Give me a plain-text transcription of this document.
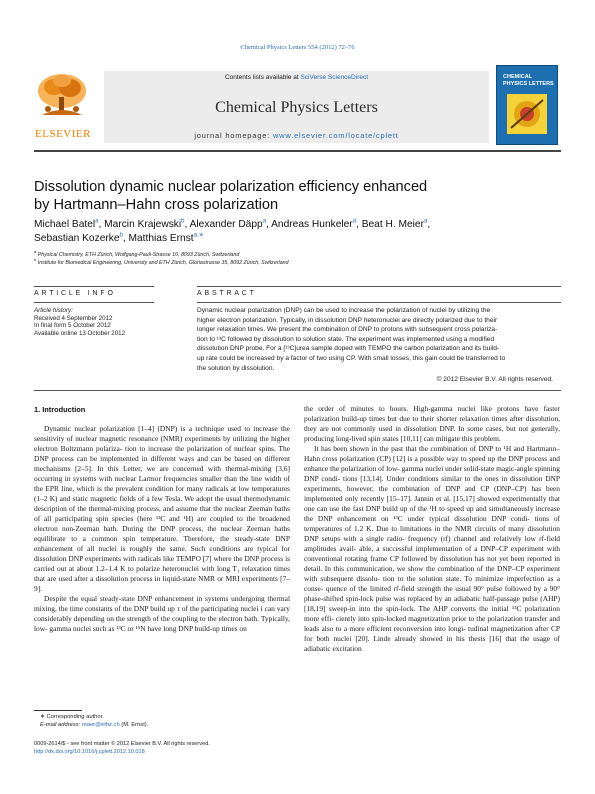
Chemical Physics Letters 554 (2012) 72–76
ELSEVIER
Contents lists available at SciVerse ScienceDirect
Chemical Physics Letters
journal homepage: www.elsevier.com/locate/cplett
CHEMICAL PHYSICS LETTERS
Dissolution dynamic nuclear polarization efficiency enhanced
by Hartmann–Hahn cross polarization
Michael Batel$^a$, Marcin Krajewski$^b$, Alexander Däpp$^a$, Andreas Hunkeler$^a$, Beat H. Meier$^a$,
Sebastian Kozerke$^b$, Matthias Ernst$^{a,∗}$
$^a$ Physical Chemistry, ETH Zürich, Wolfgang-Pauli-Strasse 10, 8093 Zürich, Switzerland
$^b$ Institute for Biomedical Engineering, University and ETH Zürich, Gloriastrasse 35, 8092 Zürich, Switzerland
ARTICLE INFO
Article history:
Received 4 September 2012
In final form 5 October 2012
Available online 13 October 2012
ABSTRACT
Dynamic nuclear polarization (DNP) can be used to increase the polarization of nuclei by utilizing the
higher electron polarization. Typically, in dissolution DNP heteronuclei are directly polarized due to their
longer relaxation times. We present the combination of DNP to protons with subsequent cross polariza-
tion to ¹³C followed by dissolution to solution state. The experiment was implemented using a modified
dissolution DNP probe. For a [¹³C]urea sample doped with TEMPO the carbon polarization and its build-
up rate could be increased by a factor of two using CP. With small losses, this gain could be transferred to
the solution by dissolution.
© 2012 Elsevier B.V. All rights reserved.
1. Introduction

Dynamic nuclear polarization [1–4] (DNP) is a technique used to increase the sensitivity of nuclear magnetic resonance (NMR) experiments by utilizing the higher electron Boltzmann polariza- tion to increase the polarization of nuclear spins. The DNP process can be implemented in different ways and can be based on different mechanisms [2–5]. In this Letter, we are concerned with thermal-mixing [3,6] occurring in systems with nuclear Larmor frequencies smaller than the line width of the EPR line, which is the prevalent condition for many radicals at low temperatures (1–2 K) and static magnetic fields of a few Tesla. We adopt the usual thermodynamic description of the thermal-mixing process, and assume that the nuclear Zeeman baths of all participating spin species (here ¹³C and ¹H) are coupled to the broadened electron non-Zeeman bath. During the DNP process, the nuclear Zeeman baths equilibrate to a common spin temperature. Therefore, the steady-state DNP enhancement of all nuclei is roughly the same. Such conditions are typical for dissolution DNP experiments with radicals like TEMPO [7] where the DNP process is carried out at about 1.2–1.4 K to polarize heteronuclei with long T₁ relaxation times that are used after a dissolution process in liquid-state NMR or MRI experiments [7–9].

Despite the equal steady-state DNP enhancement in systems undergoing thermal mixing, the time constants of the DNP build up τ of the participating nuclei i can vary considerably depending on the strength of the coupling to the electron bath. Typically, low- gamma nuclei such as ¹³C or ¹⁵N have long DNP build-up times on

the order of minutes to hours. High-gamma nuclei like protons have faster polarization build-up times but due to their shorter relaxation times after dissolution, they are not commonly used in dissolution DNP. In some cases, but not generally, producing long-lived spin states [10,11] can mitigate this problem.

It has been shown in the past that the combination of DNP to ¹H and Hartmann–Hahn cross polarization (CP) [12] is a possible way to speed up the DNP process and enhance the polarization of low- gamma nuclei under solid-state magic-angle spinning DNP condi- tions [13,14]. Under conditions similar to the ones in dissolution DNP experiments, however, the combination of DNP and CP (DNP–CP) has been implemented only recently [15–17]. Jannin et al. [15,17] showed experimentally that one can use the fast DNP build up of the ¹H to speed up and simultaneously increase the DNP enhancement on ¹³C under typical dissolution DNP condi- tions of temperatures of 1.2 K. Due to limitations in the NMR circuits of many dissolution DNP setups with a single radio- frequency (rf) channel and relatively low rf-field amplitudes avail- able, a successful implementation of a DNP–CP experiment with conventional rotating frame CP followed by dissolution has not yet been reported in detail. In this communication, we show the combination of the DNP–CP experiment with subsequent dissolu- tion to the solution state. To minimize imperfection as a conse- quence of the limited rf-field strength the usual 90° pulse followed by a 90° phase-shifted spin-lock pulse was replaced by an adiabatic half-passage pulse (AHP) [18,19] sweep-in into the spin-lock. The AHP converts the initial ¹³C polarization more effi- ciently into spin-locked magnetization prior to the polarization transfer and leads also to a more efficient reconversion into longi- tudinal magnetization after CP for both nuclei [20]. Linde already showed in his thesis [16] that the usage of adiabatic excitation

∗ Corresponding author.
E-mail address: maer@ethz.ch (M. Ernst).
0009-2614/$ - see front matter © 2012 Elsevier B.V. All rights reserved.
http://dx.doi.org/10.1016/j.cplett.2012.10.018
